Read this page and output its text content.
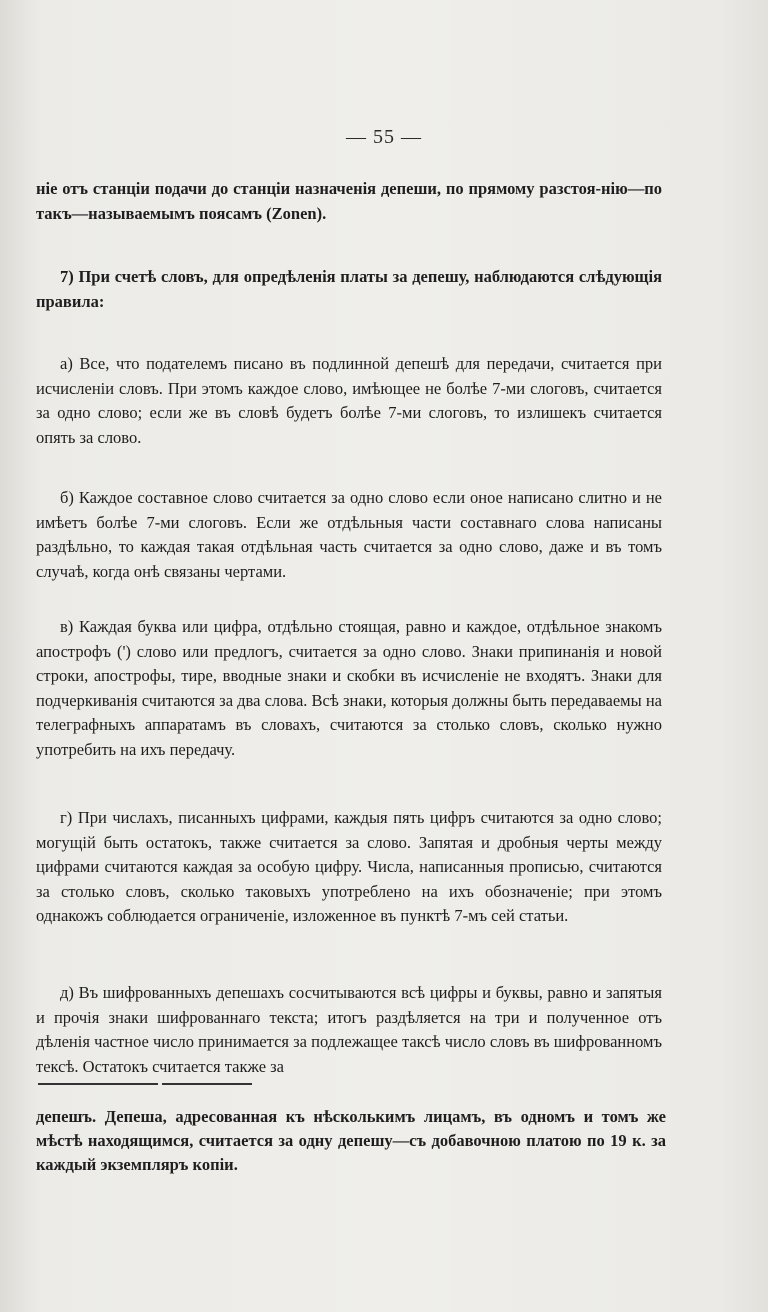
— 55 —

ніе отъ станціи подачи до станціи назначенія депеши, по прямому разстоя-нію—по такъ—называемымъ поясамъ (Zonen).

7) При счетѣ словъ, для опредѣленія платы за депешу, наблюдаются слѣдующія правила:

а) Все, что подателемъ писано въ подлинной депешѣ для передачи, считается при исчисленіи словъ. При этомъ каждое слово, имѣющее не болѣе 7-ми слоговъ, считается за одно слово; если же въ словѣ будетъ болѣе 7-ми слоговъ, то излишекъ считается опять за слово.

б) Каждое составное слово считается за одно слово если оное написано слитно и не имѣетъ болѣе 7-ми слоговъ. Если же отдѣльныя части составнаго слова написаны раздѣльно, то каждая такая отдѣльная часть считается за одно слово, даже и въ томъ случаѣ, когда онѣ связаны чертами.

в) Каждая буква или цифра, отдѣльно стоящая, равно и каждое, отдѣльное знакомъ апострофъ (') слово или предлогъ, считается за одно слово. Знаки припинанія и новой строки, апострофы, тире, вводные знаки и скобки въ исчисленіе не входятъ. Знаки для подчеркиванія считаются за два слова. Всѣ знаки, которыя должны быть передаваемы на телеграфныхъ аппаратамъ въ словахъ, считаются за столько словъ, сколько нужно употребить на ихъ передачу.

г) При числахъ, писанныхъ цифрами, каждыя пять цифръ считаются за одно слово; могущій быть остатокъ, также считается за слово. Запятая и дробныя черты между цифрами считаются каждая за особую цифру. Числа, написанныя прописью, считаются за столько словъ, сколько таковыхъ употреблено на ихъ обозначеніе; при этомъ однакожъ соблюдается ограниченіе, изложенное въ пунктѣ 7-мъ сей статьи.

д) Въ шифрованныхъ депешахъ сосчитываются всѣ цифры и буквы, равно и запятыя и прочія знаки шифрованнаго текста; итогъ раздѣляется на три и полученное отъ дѣленія частное число принимается за подлежащее таксѣ число словъ въ шифрованномъ тексѣ. Остатокъ считается также за

депешъ. Депеша, адресованная къ нѣсколькимъ лицамъ, въ одномъ и томъ же мѣстѣ находящимся, считается за одну депешу—съ добавочною платою по 19 к. за каждый экземпляръ копіи.
